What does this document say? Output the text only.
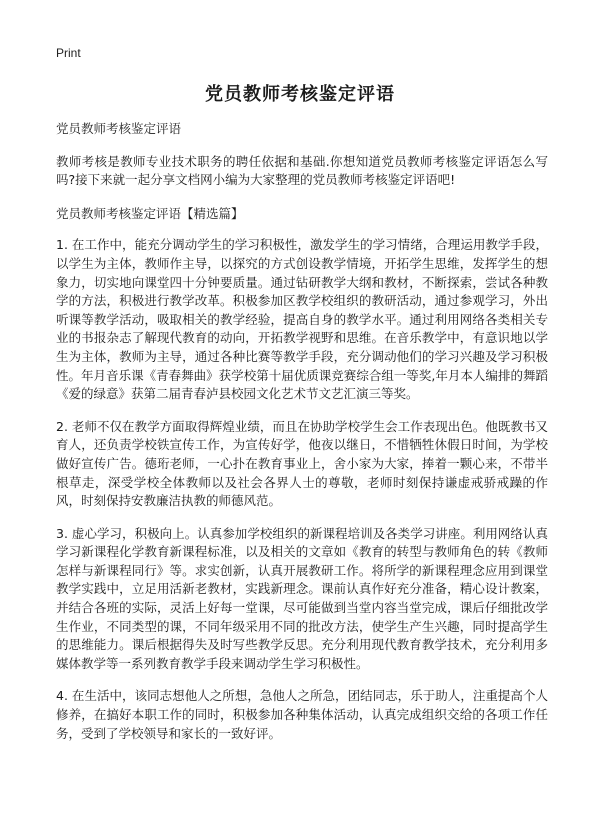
Print
党员教师考核鉴定评语

党员教师考核鉴定评语

教师考核是教师专业技术职务的聘任依据和基础.你想知道党员教师考核鉴定评语怎么写吗?接下来就一起分享文档网小编为大家整理的党员教师考核鉴定评语吧!

党员教师考核鉴定评语【精选篇】

1. 在工作中，能充分调动学生的学习积极性，激发学生的学习情绪，合理运用教学手段，以学生为主体，教师作主导，以探究的方式创设教学情境，开拓学生思维，发挥学生的想象力，切实地向课堂四十分钟要质量。通过钻研教学大纲和教材，不断探索，尝试各种教学的方法，积极进行教学改革。积极参加区教学校组织的教研活动，通过参观学习，外出听课等教学活动，吸取相关的教学经验，提高自身的教学水平。通过利用网络各类相关专业的书报杂志了解现代教育的动向，开拓教学视野和思维。在音乐教学中，有意识地以学生为主体，教师为主导，通过各种比赛等教学手段，充分调动他们的学习兴趣及学习积极性。年月音乐课《青春舞曲》获学校第十届优质课竞赛综合组一等奖,年月本人编排的舞蹈《爱的绿意》获第二届青春泸县校园文化艺术节文艺汇演三等奖。

2. 老师不仅在教学方面取得辉煌业绩，而且在协助学校学生会工作表现出色。他既教书又育人，还负责学校铁宣传工作，为宣传好学，他夜以继日，不惜牺牲休假日时间，为学校做好宣传广告。德珩老师，一心扑在教育事业上，舍小家为大家，捧着一颗心来，不带半根草走，深受学校全体教师以及社会各界人士的尊敬，老师时刻保持谦虚戒骄戒躁的作风，时刻保持安教廉洁执教的师德风范。

3. 虚心学习，积极向上。认真参加学校组织的新课程培训及各类学习讲座。利用网络认真学习新课程化学教育新课程标准，以及相关的文章如《教育的转型与教师角色的转《教师怎样与新课程同行》等。求实创新，认真开展教研工作。将所学的新课程理念应用到课堂教学实践中，立足用活新老教材，实践新理念。课前认真作好充分准备，精心设计教案，并结合各班的实际，灵活上好每一堂课，尽可能做到当堂内容当堂完成，课后仔细批改学生作业，不同类型的课，不同年级采用不同的批改方法，使学生产生兴趣，同时提高学生的思维能力。课后根据得失及时写些教学反思。充分利用现代教育教学技术，充分利用多媒体教学等一系列教育教学手段来调动学生学习积极性。

4. 在生活中，该同志想他人之所想，急他人之所急，团结同志，乐于助人，注重提高个人修养，在搞好本职工作的同时，积极参加各种集体活动，认真完成组织交给的各项工作任务，受到了学校领导和家长的一致好评。
